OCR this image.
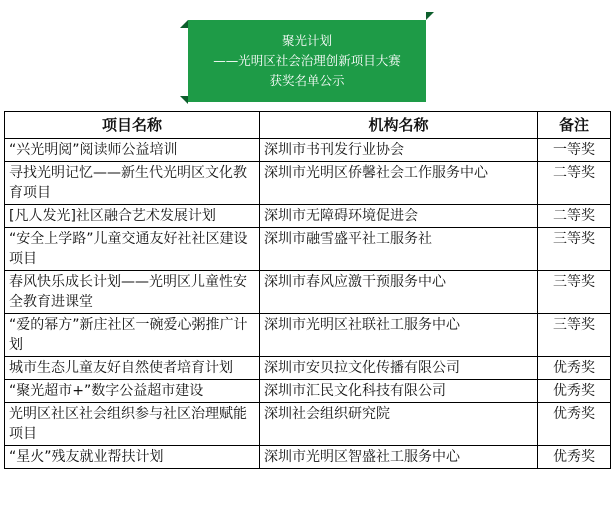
聚光计划
——光明区社会治理创新项目大赛
获奖名单公示
项目名称	机构名称	备注
“兴光明阅”阅读师公益培训	深圳市书刊发行业协会	一等奖
寻找光明记忆——新生代光明区文化教育项目	深圳市光明区侨馨社会工作服务中心	二等奖
[凡人发光]社区融合艺术发展计划	深圳市无障碍环境促进会	二等奖
“安全上学路”儿童交通友好社社区建设项目	深圳市融雪盛平社工服务社	三等奖
春风快乐成长计划——光明区儿童性安全教育进课堂	深圳市春风应激干预服务中心	三等奖
“爱的幂方”新庄社区一碗爱心粥推广计划	深圳市光明区社联社工服务中心	三等奖
城市生态儿童友好自然使者培育计划	深圳市安贝拉文化传播有限公司	优秀奖
“聚光超市+”数字公益超市建设	深圳市汇民文化科技有限公司	优秀奖
光明区社区社会组织参与社区治理赋能项目	深圳社会组织研究院	优秀奖
“星火”残友就业帮扶计划	深圳市光明区智盛社工服务中心	优秀奖
